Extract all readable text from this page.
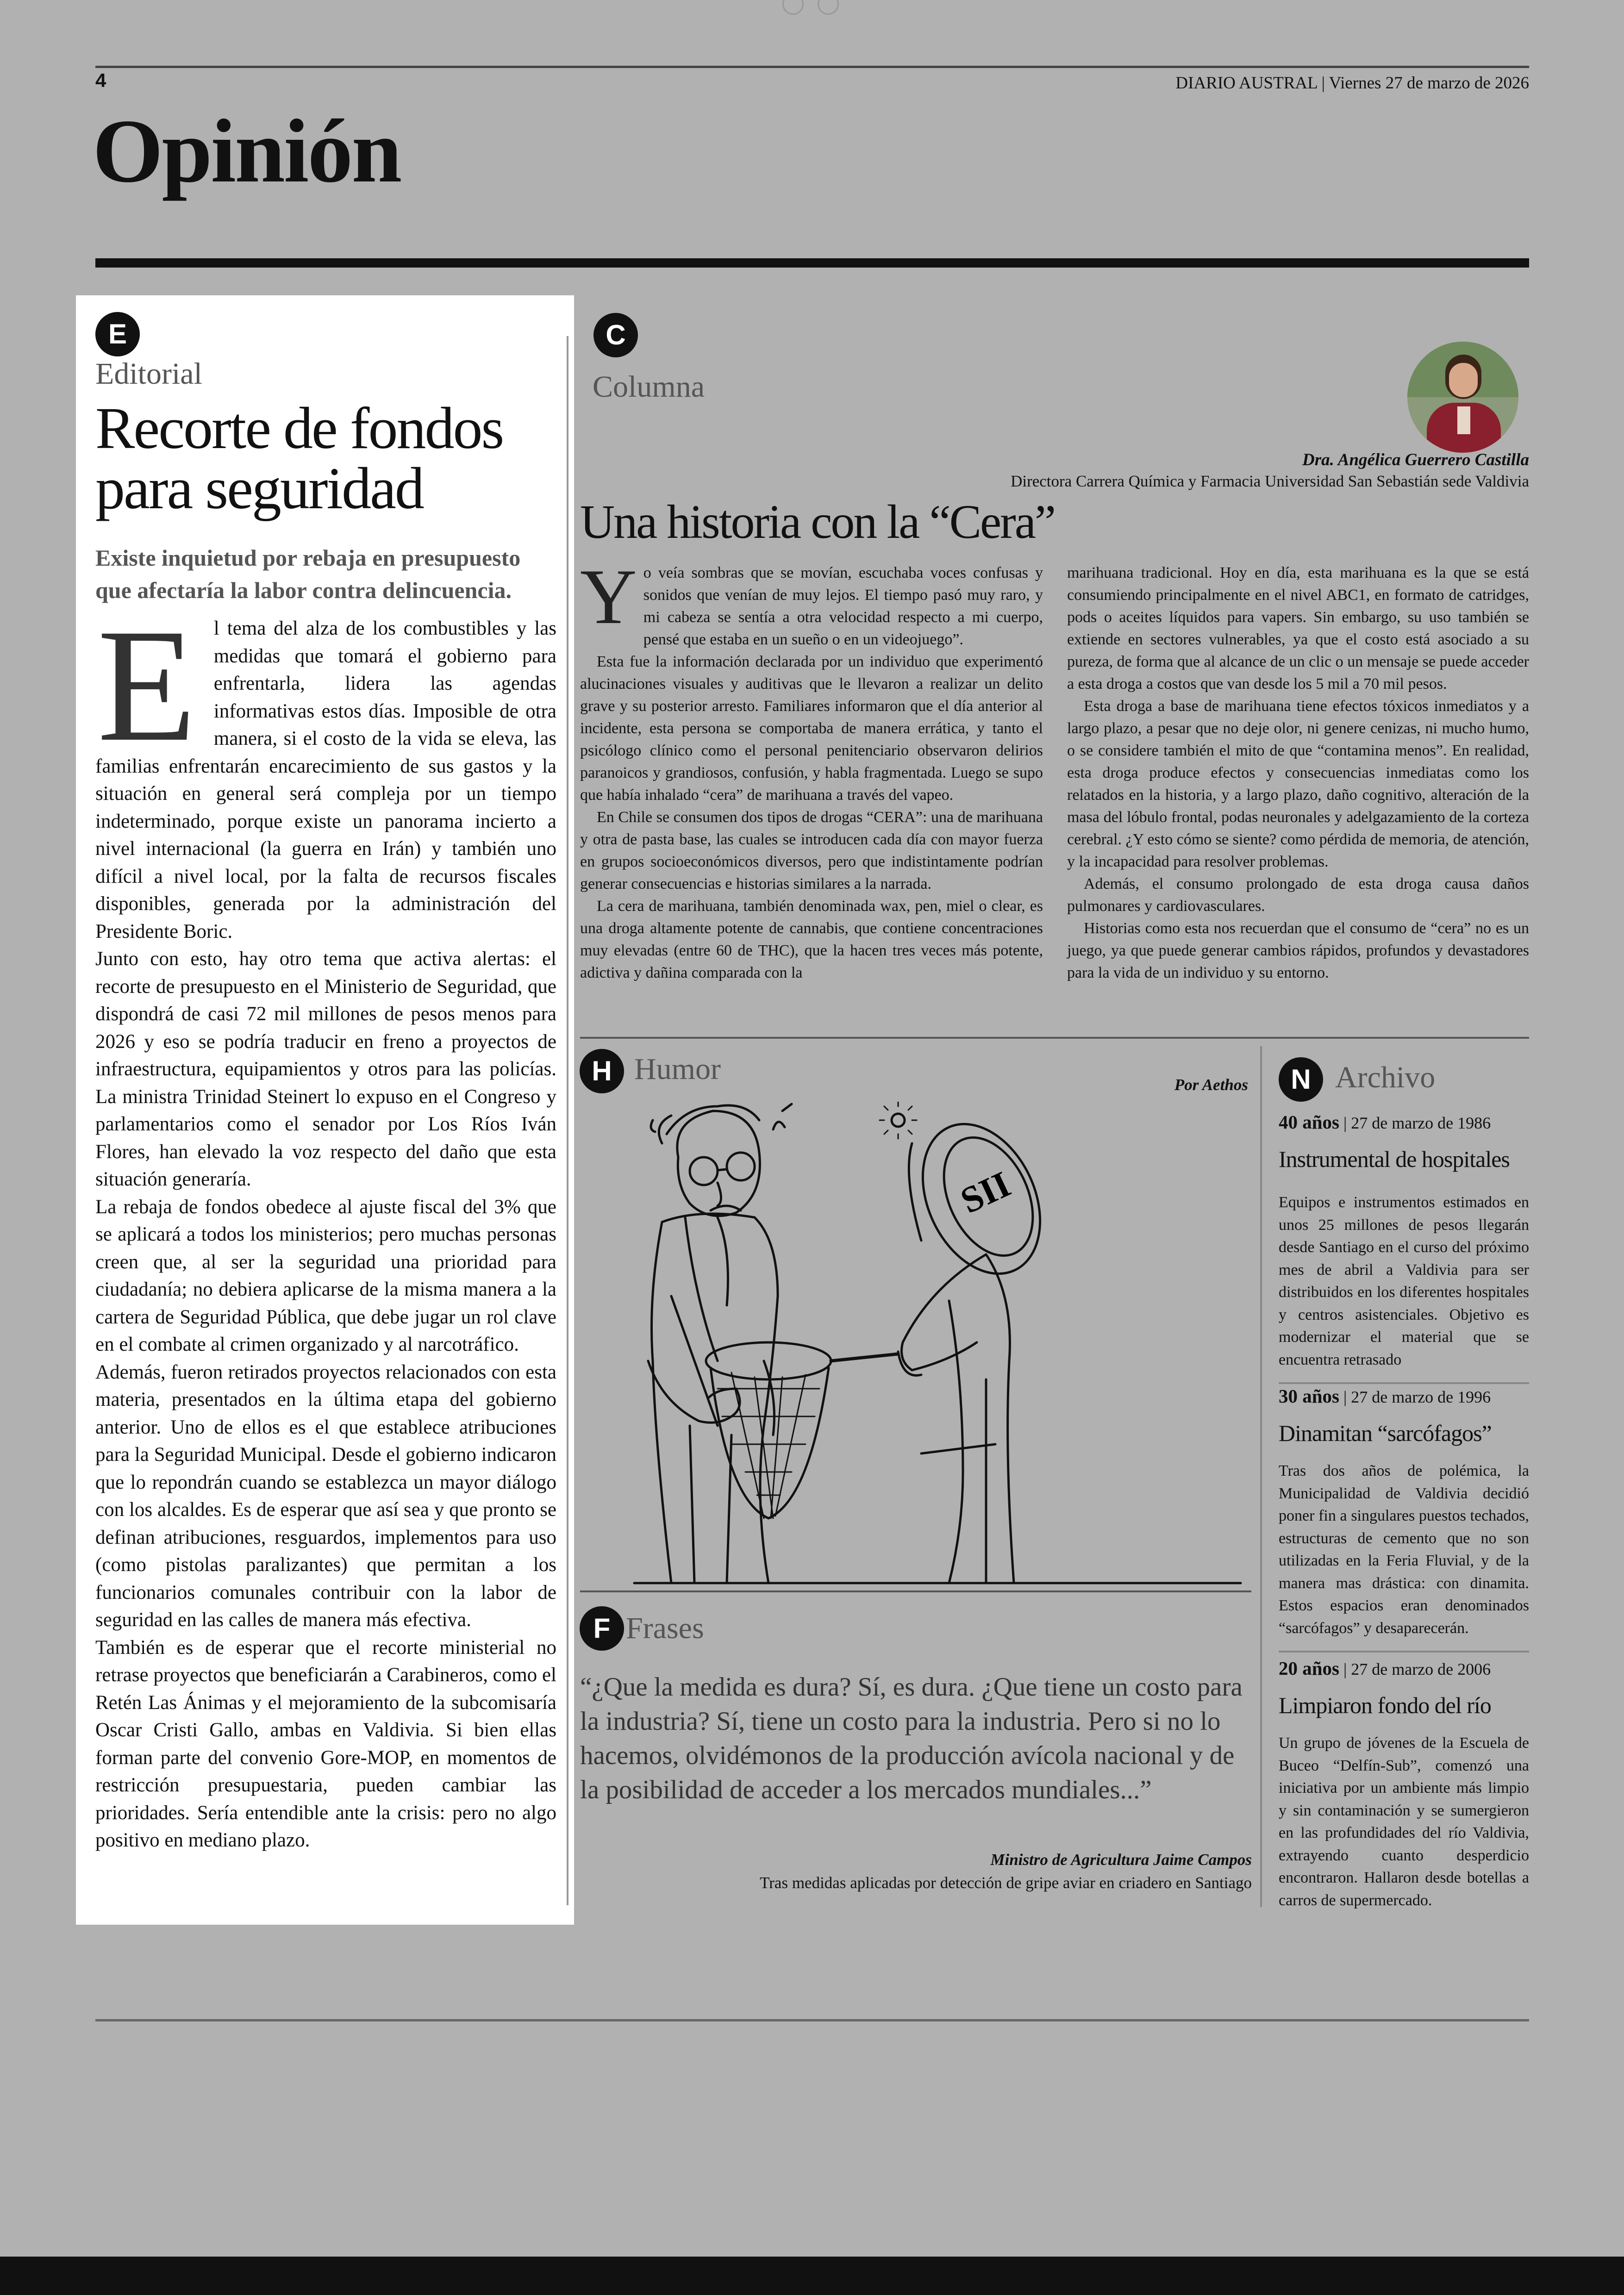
4	DIARIO AUSTRAL | Viernes 27 de marzo de 2026
Opinión
E
Editorial
Recorte de fondos
para seguridad
Existe inquietud por rebaja en presupuesto que afectaría la labor contra delincuencia.
E l tema del alza de los combustibles y las medidas que tomará el gobierno para enfrentarla, lidera las agendas informativas estos días. Imposible de otra manera, si el costo de la vida se eleva, las familias enfrentarán encarecimiento de sus gastos y la situación en general será compleja por un tiempo indeterminado, porque existe un panorama incierto a nivel internacional (la guerra en Irán) y también uno difícil a nivel local, por la falta de recursos fiscales disponibles, generada por la administración del Presidente Boric.

Junto con esto, hay otro tema que activa alertas: el recorte de presupuesto en el Ministerio de Seguridad, que dispondrá de casi 72 mil millones de pesos menos para 2026 y eso se podría traducir en freno a proyectos de infraestructura, equipamientos y otros para las policías. La ministra Trinidad Steinert lo expuso en el Congreso y parlamentarios como el senador por Los Ríos Iván Flores, han elevado la voz respecto del daño que esta situación generaría.

La rebaja de fondos obedece al ajuste fiscal del 3% que se aplicará a todos los ministerios; pero muchas personas creen que, al ser la seguridad una prioridad para ciudadanía; no debiera aplicarse de la misma manera a la cartera de Seguridad Pública, que debe jugar un rol clave en el combate al crimen organizado y al narcotráfico.

Además, fueron retirados proyectos relacionados con esta materia, presentados en la última etapa del gobierno anterior. Uno de ellos es el que establece atribuciones para la Seguridad Municipal. Desde el gobierno indicaron que lo repondrán cuando se establezca un mayor diálogo con los alcaldes. Es de esperar que así sea y que pronto se definan atribuciones, resguardos, implementos para uso (como pistolas paralizantes) que permitan a los funcionarios comunales contribuir con la labor de seguridad en las calles de manera más efectiva.

También es de esperar que el recorte ministerial no retrase proyectos que beneficiarán a Carabineros, como el Retén Las Ánimas y el mejoramiento de la subcomisaría Oscar Cristi Gallo, ambas en Valdivia. Si bien ellas forman parte del convenio Gore-MOP, en momentos de restricción presupuestaria, pueden cambiar las prioridades. Sería entendible ante la crisis: pero no algo positivo en mediano plazo.

C
Columna
Dra. Angélica Guerrero Castilla
Directora Carrera Química y Farmacia Universidad San Sebastián sede Valdivia
Una historia con la “Cera”
Y o veía sombras que se movían, escuchaba voces confusas y sonidos que venían de muy lejos. El tiempo pasó muy raro, y mi cabeza se sentía a otra velocidad respecto a mi cuerpo, pensé que estaba en un sueño o en un videojuego”.

Esta fue la información declarada por un individuo que experimentó alucinaciones visuales y auditivas que le llevaron a realizar un delito grave y su posterior arresto. Familiares informaron que el día anterior al incidente, esta persona se comportaba de manera errática, y tanto el psicólogo clínico como el personal penitenciario observaron delirios paranoicos y grandiosos, confusión, y habla fragmentada. Luego se supo que había inhalado “cera” de marihuana a través del vapeo.

En Chile se consumen dos tipos de drogas “CERA”: una de marihuana y otra de pasta base, las cuales se introducen cada día con mayor fuerza en grupos socioeconómicos diversos, pero que indistintamente podrían generar consecuencias e historias similares a la narrada.

La cera de marihuana, también denominada wax, pen, miel o clear, es una droga altamente potente de cannabis, que contiene concentraciones muy elevadas (entre 60 de THC), que la hacen tres veces más potente, adictiva y dañina comparada con la

marihuana tradicional. Hoy en día, esta marihuana es la que se está consumiendo principalmente en el nivel ABC1, en formato de catridges, pods o aceites líquidos para vapers. Sin embargo, su uso también se extiende en sectores vulnerables, ya que el costo está asociado a su pureza, de forma que al alcance de un clic o un mensaje se puede acceder a esta droga a costos que van desde los 5 mil a 70 mil pesos.

Esta droga a base de marihuana tiene efectos tóxicos inmediatos y a largo plazo, a pesar que no deje olor, ni genere cenizas, ni mucho humo, o se considere también el mito de que “contamina menos”. En realidad, esta droga produce efectos y consecuencias inmediatas como los relatados en la historia, y a largo plazo, daño cognitivo, alteración de la masa del lóbulo frontal, podas neuronales y adelgazamiento de la corteza cerebral. ¿Y esto cómo se siente? como pérdida de memoria, de atención, y la incapacidad para resolver problemas.

Además, el consumo prolongado de esta droga causa daños pulmonares y cardiovasculares.

Historias como esta nos recuerdan que el consumo de “cera” no es un juego, ya que puede generar cambios rápidos, profundos y devastadores para la vida de un individuo y su entorno.

H Humor	Por Aethos
SII
F Frases
“¿Que la medida es dura? Sí, es dura. ¿Que tiene un costo para la industria? Sí, tiene un costo para la industria. Pero si no lo hacemos, olvidémonos de la producción avícola nacional y de la posibilidad de acceder a los mercados mundiales...”
Ministro de Agricultura Jaime Campos
Tras medidas aplicadas por detección de gripe aviar en criadero en Santiago
N Archivo
40 años | 27 de marzo de 1986
Instrumental de hospitales
Equipos e instrumentos estimados en unos 25 millones de pesos llegarán desde Santiago en el curso del próximo mes de abril a Valdivia para ser distribuidos en los diferentes hospitales y centros asistenciales. Objetivo es modernizar el material que se encuentra retrasado
30 años | 27 de marzo de 1996
Dinamitan “sarcófagos”
Tras dos años de polémica, la Municipalidad de Valdivia decidió poner fin a singulares puestos techados, estructuras de cemento que no son utilizadas en la Feria Fluvial, y de la manera mas drástica: con dinamita. Estos espacios eran denominados “sarcófagos” y desaparecerán.
20 años | 27 de marzo de 2006
Limpiaron fondo del río
Un grupo de jóvenes de la Escuela de Buceo “Delfín-Sub”, comenzó una iniciativa por un ambiente más limpio y sin contaminación y se sumergieron en las profundidades del río Valdivia, extrayendo cuanto desperdicio encontraron. Hallaron desde botellas a carros de supermercado.
